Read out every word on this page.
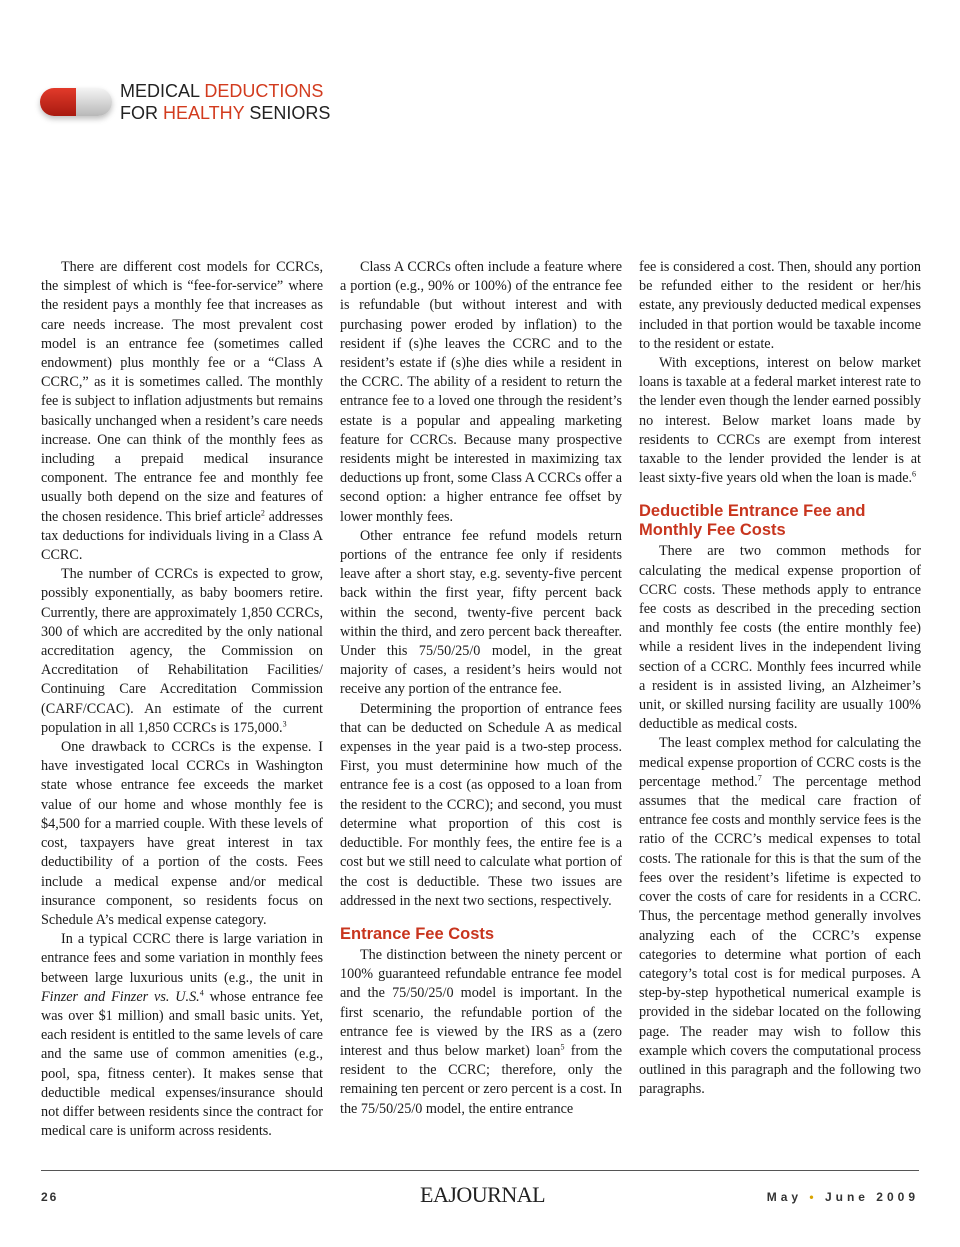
MEDICAL DEDUCTIONS
FOR HEALTHY SENIORS

There are different cost models for CCRCs, the simplest of which is “fee-for-service” where the resident pays a monthly fee that increases as care needs increase. The most prevalent cost model is an entrance fee (sometimes called endowment) plus monthly fee or a “Class A CCRC,” as it is sometimes called. The monthly fee is subject to inflation adjustments but remains basically unchanged when a resident’s care needs increase. One can think of the monthly fees as including a prepaid medical insurance component. The entrance fee and monthly fee usually both depend on the size and features of the chosen residence. This brief article$^2$ addresses tax deductions for individuals living in a Class A CCRC.

The number of CCRCs is expected to grow, possibly exponentially, as baby boomers retire. Currently, there are approximately 1,850 CCRCs, 300 of which are accredited by the only national accreditation agency, the Commission on Accreditation of Rehabilitation Facilities/ Continuing Care Accreditation Commission (CARF/CCAC). An estimate of the current population in all 1,850 CCRCs is 175,000.$^3$

One drawback to CCRCs is the expense. I have investigated local CCRCs in Washington state whose entrance fee exceeds the market value of our home and whose monthly fee is $4,500 for a married couple. With these levels of cost, taxpayers have great interest in tax deductibility of a portion of the costs. Fees include a medical expense and/or medical insurance component, so residents focus on Schedule A’s medical expense category.

In a typical CCRC there is large variation in entrance fees and some variation in monthly fees between large luxurious units (e.g., the unit in Finzer and Finzer vs. U.S.$^4$ whose entrance fee was over $1 million) and small basic units. Yet, each resident is entitled to the same levels of care and the same use of common amenities (e.g., pool, spa, fitness center). It makes sense that deductible medical expenses/insurance should not differ between residents since the contract for medical care is uniform across residents.

Class A CCRCs often include a feature where a portion (e.g., 90% or 100%) of the entrance fee is refundable (but without interest and with purchasing power eroded by inflation) to the resident if (s)he leaves the CCRC and to the resident’s estate if (s)he dies while a resident in the CCRC. The ability of a resident to return the entrance fee to a loved one through the resident’s estate is a popular and appealing marketing feature for CCRCs. Because many prospective residents might be interested in maximizing tax deductions up front, some Class A CCRCs offer a second option: a higher entrance fee offset by lower monthly fees.

Other entrance fee refund models return portions of the entrance fee only if residents leave after a short stay, e.g. seventy-five percent back within the first year, fifty percent back within the second, twenty-five percent back within the third, and zero percent back thereafter. Under this 75/50/25/0 model, in the great majority of cases, a resident’s heirs would not receive any portion of the entrance fee.

Determining the proportion of entrance fees that can be deducted on Schedule A as medical expenses in the year paid is a two-step process. First, you must determinine how much of the entrance fee is a cost (as opposed to a loan from the resident to the CCRC); and second, you must determine what proportion of this cost is deductible. For monthly fees, the entire fee is a cost but we still need to calculate what portion of the cost is deductible. These two issues are addressed in the next two sections, respectively.

Entrance Fee Costs

The distinction between the ninety percent or 100% guaranteed refundable entrance fee model and the 75/50/25/0 model is important. In the first scenario, the refundable portion of the entrance fee is viewed by the IRS as a (zero interest and thus below market) loan$^5$ from the resident to the CCRC; therefore, only the remaining ten percent or zero percent is a cost. In the 75/50/25/0 model, the entire entrance

fee is considered a cost. Then, should any portion be refunded either to the resident or her/his estate, any previously deducted medical expenses included in that portion would be taxable income to the resident or estate.

With exceptions, interest on below market loans is taxable at a federal market interest rate to the lender even though the lender earned possibly no interest. Below market loans made by residents to CCRCs are exempt from interest taxable to the lender provided the lender is at least sixty-five years old when the loan is made.$^6$

Deductible Entrance Fee and Monthly Fee Costs

There are two common methods for calculating the medical expense proportion of CCRC costs. These methods apply to entrance fee costs as described in the preceding section and monthly fee costs (the entire monthly fee) while a resident lives in the independent living section of a CCRC. Monthly fees incurred while a resident is in assisted living, an Alzheimer’s unit, or skilled nursing facility are usually 100% deductible as medical costs.

The least complex method for calculating the medical expense proportion of CCRC costs is the percentage method.$^7$ The percentage method assumes that the medical care fraction of entrance fee costs and monthly service fees is the ratio of the CCRC’s medical expenses to total costs. The rationale for this is that the sum of the fees over the resident’s lifetime is expected to cover the costs of care for residents in a CCRC. Thus, the percentage method generally involves analyzing each of the CCRC’s expense categories to determine what portion of each category’s total cost is for medical purposes. A step-by-step hypothetical numerical example is provided in the sidebar located on the following page. The reader may wish to follow this example which covers the computational process outlined in this paragraph and the following two paragraphs.

26	EAJOURNAL	May • June 2009
